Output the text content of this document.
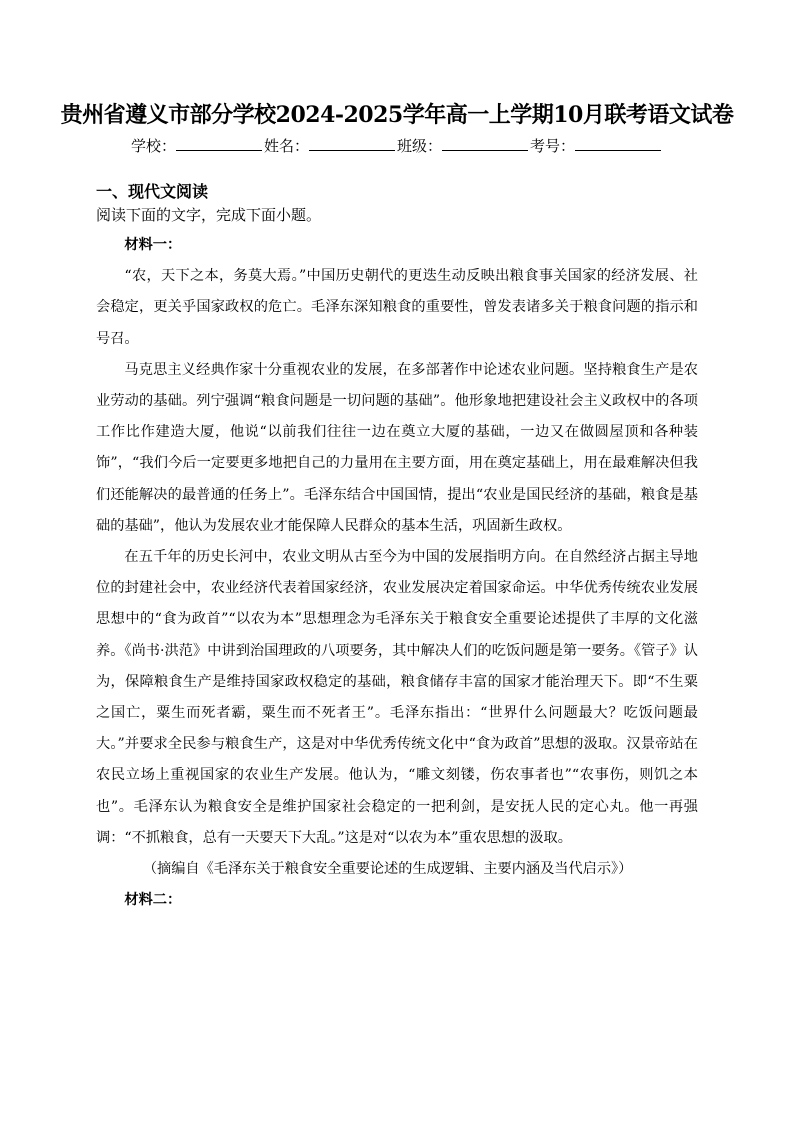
贵州省遵义市部分学校2024-2025学年高一上学期10月联考语文试卷
学校：	姓名：	班级：	考号：
一、现代文阅读
阅读下面的文字，完成下面小题。

材料一：

“农，天下之本，务莫大焉。”中国历史朝代的更迭生动反映出粮食事关国家的经济发展、社会稳定，更关乎国家政权的危亡。毛泽东深知粮食的重要性，曾发表诸多关于粮食问题的指示和号召。

马克思主义经典作家十分重视农业的发展，在多部著作中论述农业问题。坚持粮食生产是农业劳动的基础。列宁强调“粮食问题是一切问题的基础”。他形象地把建设社会主义政权中的各项工作比作建造大厦，他说“以前我们往往一边在奠立大厦的基础，一边又在做圆屋顶和各种装饰”，“我们今后一定要更多地把自己的力量用在主要方面，用在奠定基础上，用在最难解决但我们还能解决的最普通的任务上”。毛泽东结合中国国情，提出“农业是国民经济的基础，粮食是基础的基础”，他认为发展农业才能保障人民群众的基本生活，巩固新生政权。

在五千年的历史长河中，农业文明从古至今为中国的发展指明方向。在自然经济占据主导地位的封建社会中，农业经济代表着国家经济，农业发展决定着国家命运。中华优秀传统农业发展思想中的“食为政首”“以农为本”思想理念为毛泽东关于粮食安全重要论述提供了丰厚的文化滋养。《尚书·洪范》中讲到治国理政的八项要务，其中解决人们的吃饭问题是第一要务。《管子》认为，保障粮食生产是维持国家政权稳定的基础，粮食储存丰富的国家才能治理天下。即“不生粟之国亡，粟生而死者霸，粟生而不死者王”。毛泽东指出：“世界什么问题最大？吃饭问题最大。”并要求全民参与粮食生产，这是对中华优秀传统文化中“食为政首”思想的汲取。汉景帝站在农民立场上重视国家的农业生产发展。他认为，“雕文刻镂，伤农事者也”“农事伤，则饥之本也”。毛泽东认为粮食安全是维护国家社会稳定的一把利剑，是安抚人民的定心丸。他一再强调：“不抓粮食，总有一天要天下大乱。”这是对“以农为本”重农思想的汲取。

（摘编自《毛泽东关于粮食安全重要论述的生成逻辑、主要内涵及当代启示》）

材料二：
